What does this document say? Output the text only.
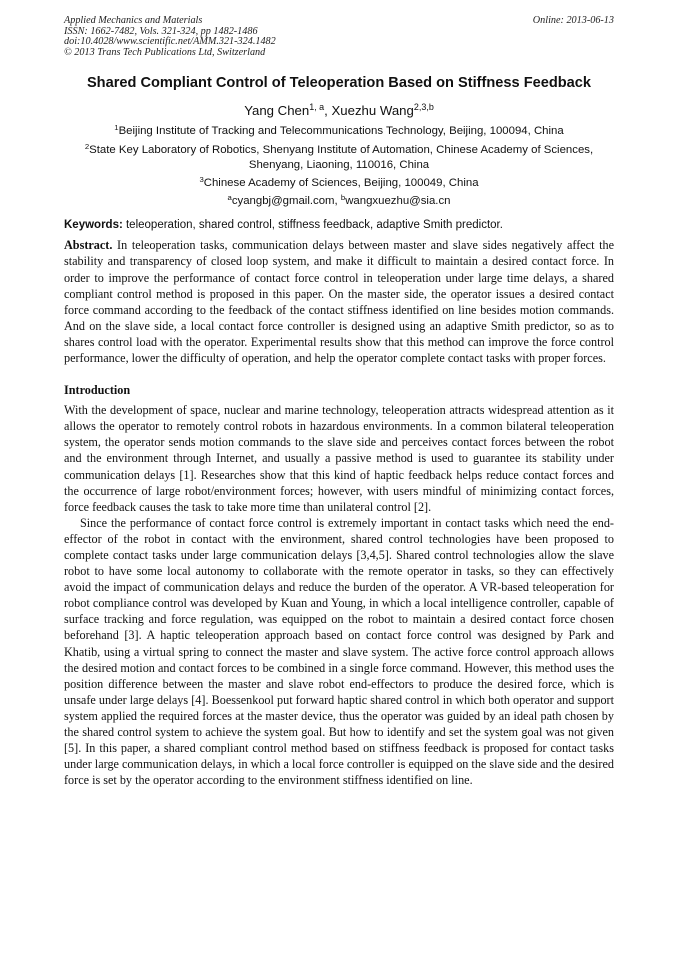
Applied Mechanics and Materials
ISSN: 1662-7482, Vols. 321-324, pp 1482-1486
doi:10.4028/www.scientific.net/AMM.321-324.1482
© 2013 Trans Tech Publications Ltd, Switzerland
Online: 2013-06-13
Shared Compliant Control of Teleoperation Based on Stiffness Feedback
Yang Chen$^{1, a}$, Xuezhu Wang$^{2,3,b}$
$^1$Beijing Institute of Tracking and Telecommunications Technology, Beijing, 100094, China
$^2$State Key Laboratory of Robotics, Shenyang Institute of Automation, Chinese Academy of Sciences, Shenyang, Liaoning, 110016, China
$^3$Chinese Academy of Sciences, Beijing, 100049, China
$^a$cyangbj@gmail.com, $^b$wangxuezhu@sia.cn
Keywords: teleoperation, shared control, stiffness feedback, adaptive Smith predictor.

Abstract. In teleoperation tasks, communication delays between master and slave sides negatively affect the stability and transparency of closed loop system, and make it difficult to maintain a desired contact force. In order to improve the performance of contact force control in teleoperation under large time delays, a shared compliant control method is proposed in this paper. On the master side, the operator issues a desired contact force command according to the feedback of the contact stiffness identified on line besides motion commands. And on the slave side, a local contact force controller is designed using an adaptive Smith predictor, so as to shares control load with the operator. Experimental results show that this method can improve the force control performance, lower the difficulty of operation, and help the operator complete contact tasks with proper forces.

Introduction

With the development of space, nuclear and marine technology, teleoperation attracts widespread attention as it allows the operator to remotely control robots in hazardous environments. In a common bilateral teleoperation system, the operator sends motion commands to the slave side and perceives contact forces between the robot and the environment through Internet, and usually a passive method is used to guarantee its stability under communication delays [1]. Researches show that this kind of haptic feedback helps reduce contact forces and the occurrence of large robot/environment forces; however, with users mindful of minimizing contact forces, force feedback causes the task to take more time than unilateral control [2].

Since the performance of contact force control is extremely important in contact tasks which need the end-effector of the robot in contact with the environment, shared control technologies have been proposed to complete contact tasks under large communication delays [3,4,5]. Shared control technologies allow the slave robot to have some local autonomy to collaborate with the remote operator in tasks, so they can effectively avoid the impact of communication delays and reduce the burden of the operator. A VR-based teleoperation for robot compliance control was developed by Kuan and Young, in which a local intelligence controller, capable of surface tracking and force regulation, was equipped on the robot to maintain a desired contact force chosen beforehand [3]. A haptic teleoperation approach based on contact force control was designed by Park and Khatib, using a virtual spring to connect the master and slave system. The active force control approach allows the desired motion and contact forces to be combined in a single force command. However, this method uses the position difference between the master and slave robot end-effectors to produce the desired force, which is unsafe under large delays [4]. Boessenkool put forward haptic shared control in which both operator and support system applied the required forces at the master device, thus the operator was guided by an ideal path chosen by the shared control system to achieve the system goal. But how to identify and set the system goal was not given [5]. In this paper, a shared compliant control method based on stiffness feedback is proposed for contact tasks under large communication delays, in which a local force controller is equipped on the slave side and the desired force is set by the operator according to the environment stiffness identified on line.
